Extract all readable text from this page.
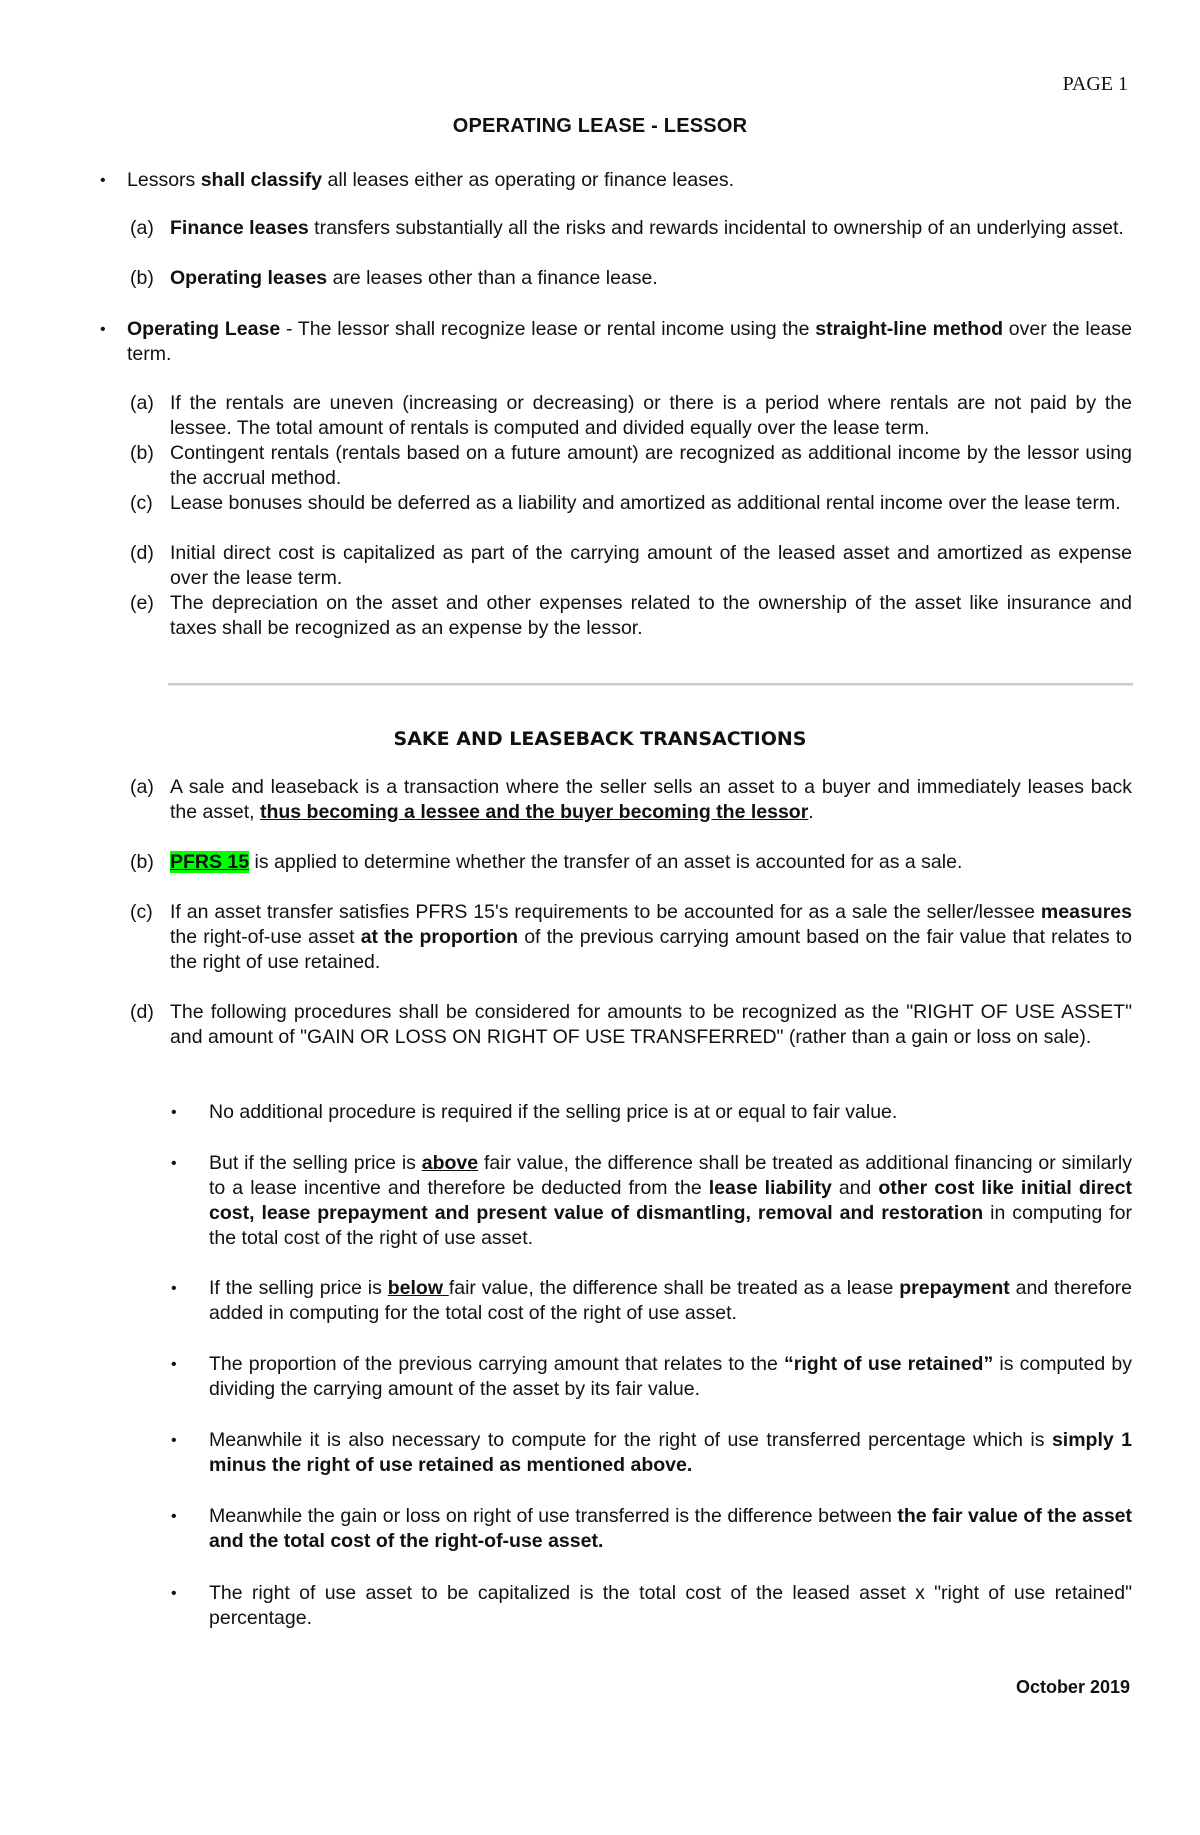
PAGE 1
OPERATING LEASE - LESSOR
• Lessors shall classify all leases either as operating or finance leases.
(a) Finance leases transfers substantially all the risks and rewards incidental to ownership of an underlying asset.
(b) Operating leases are leases other than a finance lease.
• Operating Lease - The lessor shall recognize lease or rental income using the straight-line method over the lease term.
(a) If the rentals are uneven (increasing or decreasing) or there is a period where rentals are not paid by the lessee. The total amount of rentals is computed and divided equally over the lease term.
(b) Contingent rentals (rentals based on a future amount) are recognized as additional income by the lessor using the accrual method.
(c) Lease bonuses should be deferred as a liability and amortized as additional rental income over the lease term.
(d) Initial direct cost is capitalized as part of the carrying amount of the leased asset and amortized as expense over the lease term.
(e) The depreciation on the asset and other expenses related to the ownership of the asset like insurance and taxes shall be recognized as an expense by the lessor.
SAKE AND LEASEBACK TRANSACTIONS
(a) A sale and leaseback is a transaction where the seller sells an asset to a buyer and immediately leases back the asset, thus becoming a lessee and the buyer becoming the lessor.
(b) PFRS 15 is applied to determine whether the transfer of an asset is accounted for as a sale.
(c) If an asset transfer satisfies PFRS 15's requirements to be accounted for as a sale the seller/lessee measures the right-of-use asset at the proportion of the previous carrying amount based on the fair value that relates to the right of use retained.
(d) The following procedures shall be considered for amounts to be recognized as the "RIGHT OF USE ASSET" and amount of "GAIN OR LOSS ON RIGHT OF USE TRANSFERRED" (rather than a gain or loss on sale).
• No additional procedure is required if the selling price is at or equal to fair value.
• But if the selling price is above fair value, the difference shall be treated as additional financing or similarly to a lease incentive and therefore be deducted from the lease liability and other cost like initial direct cost, lease prepayment and present value of dismantling, removal and restoration in computing for the total cost of the right of use asset.
• If the selling price is below fair value, the difference shall be treated as a lease prepayment and therefore added in computing for the total cost of the right of use asset.
• The proportion of the previous carrying amount that relates to the “right of use retained” is computed by dividing the carrying amount of the asset by its fair value.
• Meanwhile it is also necessary to compute for the right of use transferred percentage which is simply 1 minus the right of use retained as mentioned above.
• Meanwhile the gain or loss on right of use transferred is the difference between the fair value of the asset and the total cost of the right-of-use asset.
• The right of use asset to be capitalized is the total cost of the leased asset x "right of use retained" percentage.
October 2019
